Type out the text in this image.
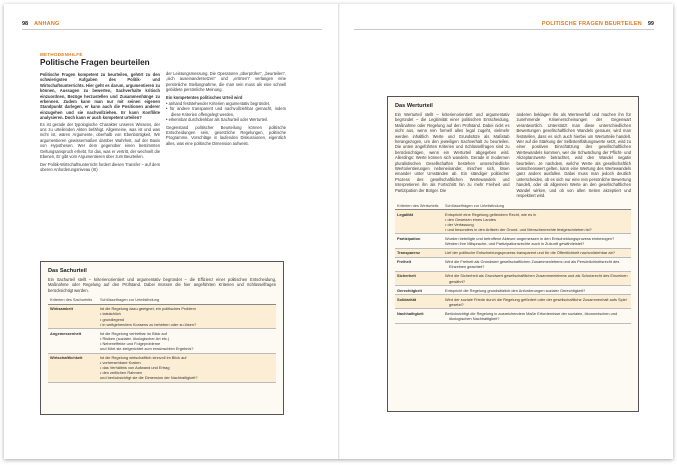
98 ANHANG	POLITISCHE FRAGEN BEURTEILEN 99
METHODENHILFE
Politische Fragen beurteilen

Politische Fragen kompetent zu beurteilen, gehört zu den schwierigsten Aufgaben des Politik- und Wirtschaftsunterrichts. Hier geht es darum, argumentieren zu können, Aussagen zu bewerten, Sachverhalte kritisch einzuordnen, Bezüge herzustellen und Zusammenhänge zu erkennen. Zudem kann man nur mit seinen eigenen Standpunkt darlegen, er kann auch die Positionen anderer einzugehen und sie nachvollziehen. Er kann Konflikte analysieren. Doch kann er auch kompetent urteilen?

Es ist gerade der typologische Charakter unseres Wissens, der uns zu urteilenden Akten befähigt. Allgemeine, was ist und was nicht ist, wären Argumente, oberhalb von Ebenbürtigkeit, Wir argumentieren gewissermaßen darüber Wahrheit, auf der Basis von Hypothesen. Wer dem gegenüber einen bestimmten Geltungsanspruch erhebt, für das, was er vertritt, der wechselt die Ebenen, Er gibt vom Argumentieren über zum Beurteilen.

Der Politik-Wirtschaftsunterricht fordert diesen Transfer – auf dem oberen Anforderungsniveau (III)

der Leistungsmessung. Die Operatoren „überprüfen“, „beurteilen“, „sich auseinandersetzen“ und „erörtern“ verlangen eine persönliche Stellungnahme, die man sein muss als eine schnell gebildete persönliche Meinung.

Ein kompetentes politisches Urteil wird

• anhand feststehender Kriterien argumentativ begründet,
• für andere transparent und nachvollziehbar gemacht, indem diese Kriterien offengelegt werden,
• erkennbar durchdenkbar als Sachurteil oder Werturteil.

Gegenstand politischer Beurteilung können politische Entscheidungen sein, gesetzliche Regelungen, politische Programme, Vorschläge in laufenden Diskussionen, eigentlich alles, was eine politische Dimension aufweist.

Das Sachurteil
Ein Sachurteil stellt – kriterienorientiert und argumentativ begründet – die Effizienz einer politischen Entscheidung, Maßnahme oder Regelung auf den Prüfstand. Dabei müssen die hier angeführten Kriterien und Schlüsselfragen berücksichtigt werden.
Kriterien des Sachurteils	Schlüsselfragen zur Urteilsfindung
Wirksamkeit	Ist die Regelung dazu geeignet, ein politisches Problem
• tatsächlich
• grundlegend
• in weitgehendem Konsens zu beheben oder zu lösen?

Angemessenheit	Ist die Regelung vertretbar im Blick auf
• Risiken (sozialer, ökologischer Art etc.)
• Nebeneffekte und Folgeprobleme
und führt sie zielgerichtet zum erwünschten Ergebnis?

Wirtschaftlichkeit	Ist die Regelung wirtschaftlich sinnvoll im Blick auf
• vorhersehbare Kosten
• das Verhältnis von Aufwand und Ertrag
• den zeitlichen Rahmen
und berücksichtigt sie die Dimension der Nachhaltigkeit?
Das Werturteil
Ein Werturteil stellt – kriterienorientiert und argumentativ begründet – die Legitimität einer politischen Entscheidung, Maßnahme oder Regelung auf den Prüfstand. Dabei nickt es nicht aus, wenn rein formell alles legal zugeht, vielmehr werden inhaltlich Werte und Grundsätze als Maßstab herangezogen, um den jeweiligen Sachverhalt zu beurteilen. Die unten angeführten Kriterien und Schlüsselfragen sind zu berücksichtigen, wenn ein Werturteil abgegeben wird. Allerdings: Werte können sich wandeln. Gerade in modernen pluralistischen Gesellschaften bestehen unterschiedliche Wertorientierungen nebeneinander, mischen sich, lösen einander unter Umständen ab. Ein ständiger politischer Prozess des gesellschaftlichen Wertewandels und Interpretieren ihn als Fortschritt hin zu mehr Freiheit und Partizipation der Bürger. Die
anderen beklagen ihn als Werteverfall und machen ihn für zunehmende Krisenerscheinungen der Gegenwart verantwortlich. Unterstützt man diese unterschiedlichen Bewertungen gesellschaftlichen Wandels genauer, wird man feststellen, dass es sich auch hierbei um Werturteile handelt. Wer auf die Stärkung der Selbstentfaltungswerte setzt, wird zu einer positiven Einschätzung des gesellschaftlichen Wertewandels kommen, wer die Schwächung der Pflicht- und Akzeptanzwerte betrachtet, wird den Wandel negativ beurteilen. Je nachdem, welche Werte als gesellschaftlich wünschenswert gelten, kann eine Wertung des Wertewandels ganz anders ausfallen. Dabei muss man jedoch deutlich unterscheiden, ob es sich nur eine rein persönliche Bewertung handelt, oder ob allgemein Werte an den gesellschaftlichen Wandel wirken, und ob von allen Seiten akzeptiert und respektiert wird.
Kriterien des Werturteils	Schlüsselfragen zur Urteilsfindung
Legalität	Entspricht eine Regelung geltendem Recht, wie es in
• den Gesetzen eines Landes
• der Verfassung
• und besonders in den Artikeln der Grund- und Menschenrechte festgeschrieben ist?

Partizipation	Wurden beteiligte und betroffene Akteure angemessen in den Entscheidungsprozess einbezogen?
Werden ihre Mitsprache- und Partizipationsrechte auch in Zukunft gewährleistet?

Transparenz	Lief der politische Entscheidungsprozess transparent und für die Öffentlichkeit nachvollziehbar ab?

Freiheit	Wird die Freiheit als Grundwert gesellschaftlichen Zusammenlebens und als Persönlichkeitsrecht des Einzelnen geachtet?

Sicherheit	Wird die Sicherheit als Grundwert gesellschaftlichen Zusammenlebens und als Schutzrecht des Einzelnen gewährt?

Gerechtigkeit	Entspricht die Regelung grundsätzlich den Anforderungen sozialer Gerechtigkeit?

Solidarität	Wird der soziale Friede durch die Regelung gefördert oder der gesellschaftliche Zusammenhalt aufs Spiel gesetzt?

Nachhaltigkeit	Berücksichtigt die Regelung in ausreichendem Maße Erfordernisse der sozialen, ökonomischen und ökologischen Nachhaltigkeit?
